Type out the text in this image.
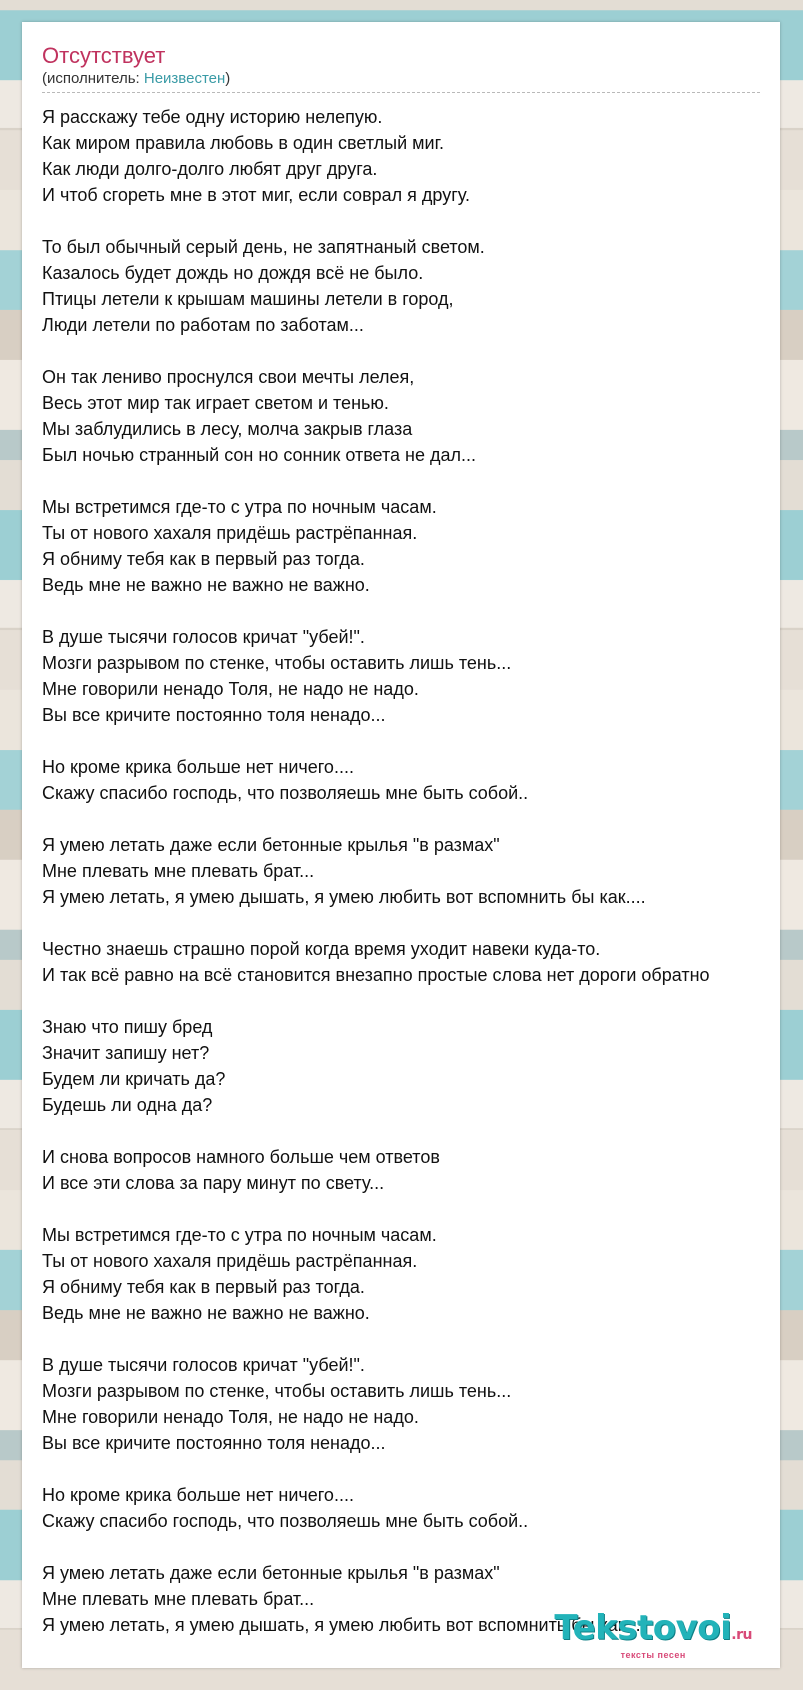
Отсутствует
(исполнитель: Неизвестен)
Я расскажу тебе одну историю нелепую.
Как миром правила любовь в один светлый миг.
Как люди долго-долго любят друг друга.
И чтоб сгореть мне в этот миг, если соврал я другу.
То был обычный серый день, не запятнаный светом.
Казалось будет дождь но дождя всё не было.
Птицы летели к крышам машины летели в город,
Люди летели по работам по заботам...
Он так лениво проснулся свои мечты лелея,
Весь этот мир так играет светом и тенью.
Мы заблудились в лесу, молча закрыв глаза
Был ночью странный сон но сонник ответа не дал...
Мы встретимся где-то с утра по ночным часам.
Ты от нового хахаля придёшь растрёпанная.
Я обниму тебя как в первый раз тогда.
Ведь мне не важно не важно не важно.
В душе тысячи голосов кричат "убей!".
Мозги разрывом по стенке, чтобы оставить лишь тень...
Мне говорили ненадо Толя, не надо не надо.
Вы все кричите постоянно толя ненадо...
Но кроме крика больше нет ничего....
Скажу спасибо господь, что позволяешь мне быть собой..
Я умею летать даже если бетонные крылья "в размах"
Мне плевать мне плевать брат...
Я умею летать, я умею дышать, я умею любить вот вспомнить бы как....
Честно знаешь страшно порой когда время уходит навеки куда-то.
И так всё равно на всё становится внезапно простые слова нет дороги обратно
Знаю что пишу бред
Значит запишу нет?
Будем ли кричать да?
Будешь ли одна да?
И снова вопросов намного больше чем ответов
И все эти слова за пару минут по свету...
Мы встретимся где-то с утра по ночным часам.
Ты от нового хахаля придёшь растрёпанная.
Я обниму тебя как в первый раз тогда.
Ведь мне не важно не важно не важно.
В душе тысячи голосов кричат "убей!".
Мозги разрывом по стенке, чтобы оставить лишь тень...
Мне говорили ненадо Толя, не надо не надо.
Вы все кричите постоянно толя ненадо...
Но кроме крика больше нет ничего....
Скажу спасибо господь, что позволяешь мне быть собой..
Я умею летать даже если бетонные крылья "в размах"
Мне плевать мне плевать брат...
Я умею летать, я умею дышать, я умею любить вот вспомнить бы как....
Tekstovoi.ru
тексты песен
